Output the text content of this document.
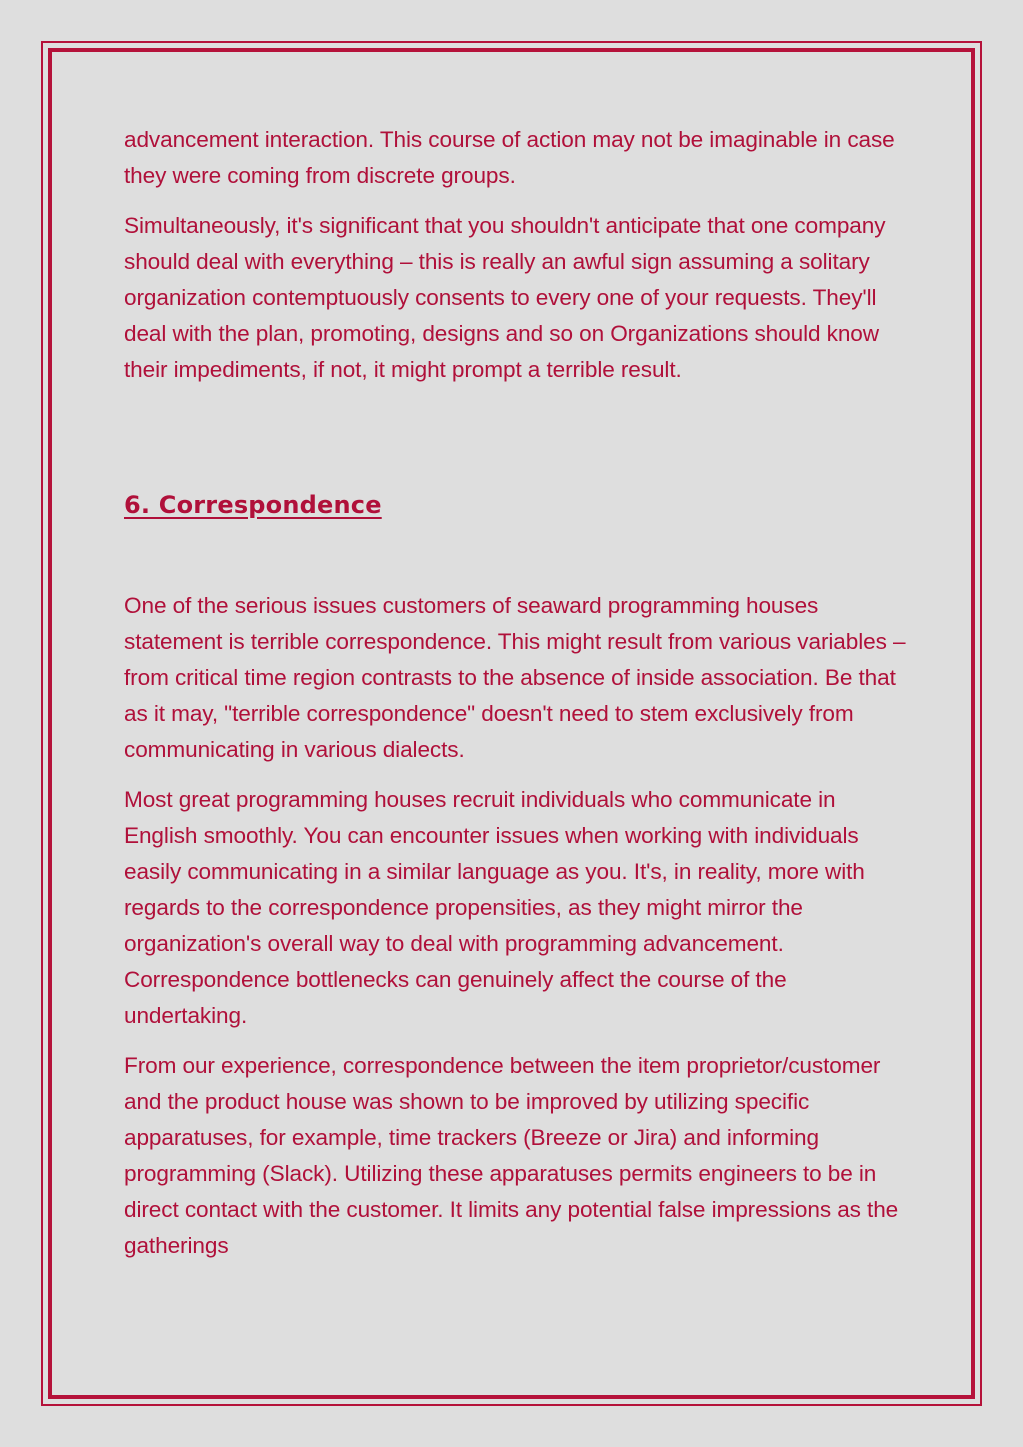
advancement interaction. This course of action may not be imaginable in case they were coming from discrete groups.

Simultaneously, it's significant that you shouldn't anticipate that one company should deal with everything – this is really an awful sign assuming a solitary organization contemptuously consents to every one of your requests. They'll deal with the plan, promoting, designs and so on Organizations should know their impediments, if not, it might prompt a terrible result.

6. Correspondence

One of the serious issues customers of seaward programming houses statement is terrible correspondence. This might result from various variables – from critical time region contrasts to the absence of inside association. Be that as it may, "terrible correspondence" doesn't need to stem exclusively from communicating in various dialects.

Most great programming houses recruit individuals who communicate in English smoothly. You can encounter issues when working with individuals easily communicating in a similar language as you. It's, in reality, more with regards to the correspondence propensities, as they might mirror the organization's overall way to deal with programming advancement. Correspondence bottlenecks can genuinely affect the course of the undertaking.

From our experience, correspondence between the item proprietor/customer and the product house was shown to be improved by utilizing specific apparatuses, for example, time trackers (Breeze or Jira) and informing programming (Slack). Utilizing these apparatuses permits engineers to be in direct contact with the customer. It limits any potential false impressions as the gatherings
